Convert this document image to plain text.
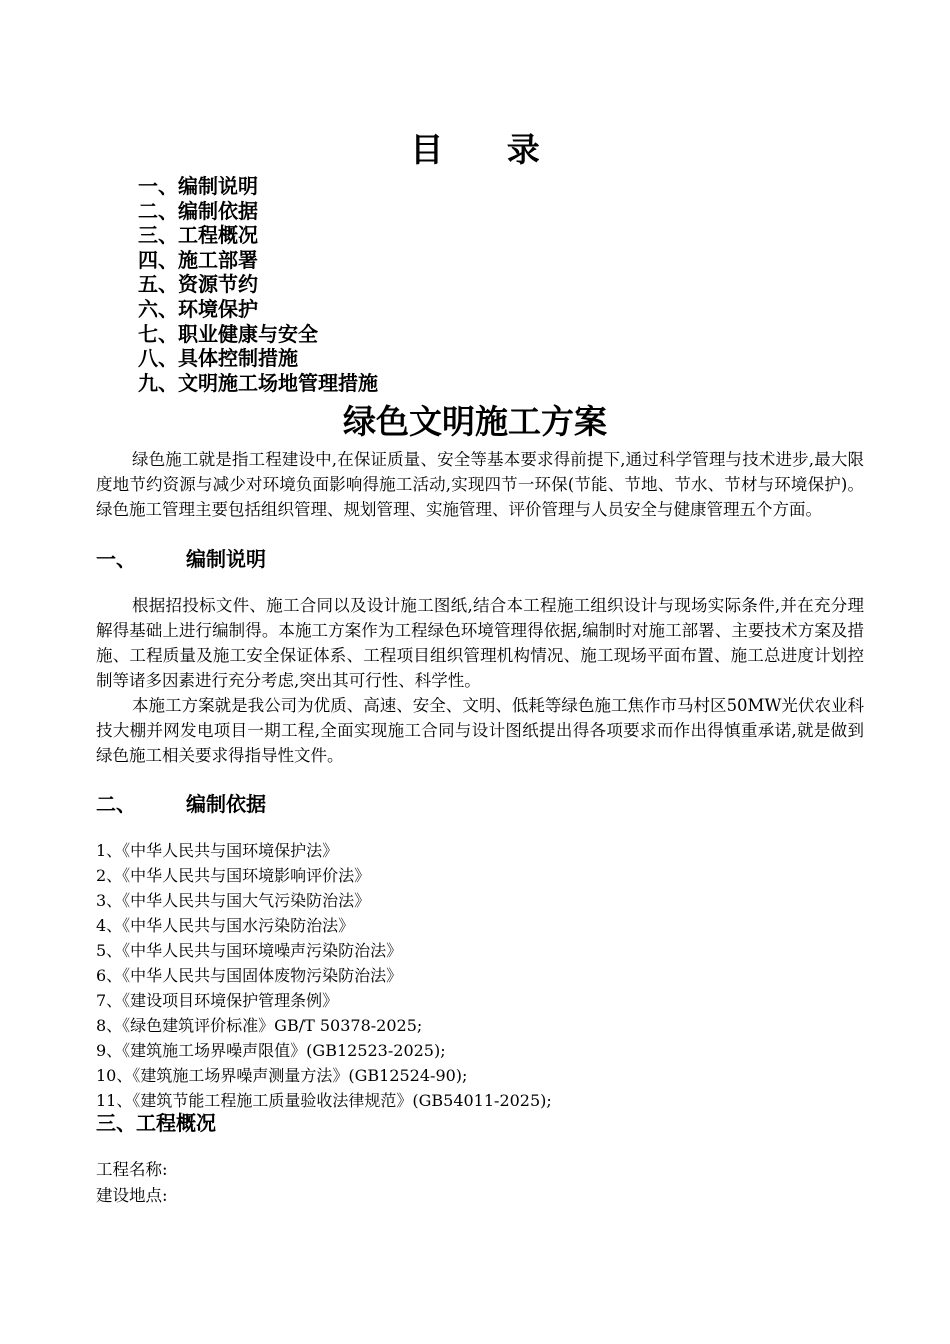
目 录
一、编制说明
二、编制依据
三、工程概况
四、施工部署
五、资源节约
六、环境保护
七、职业健康与安全
八、具体控制措施
九、文明施工场地管理措施
绿色文明施工方案

绿色施工就是指工程建设中,在保证质量、安全等基本要求得前提下,通过科学管理与技术进步,最大限度地节约资源与减少对环境负面影响得施工活动,实现四节一环保(节能、节地、节水、节材与环境保护)。绿色施工管理主要包括组织管理、规划管理、实施管理、评价管理与人员安全与健康管理五个方面。

一、	编制说明

根据招投标文件、施工合同以及设计施工图纸,结合本工程施工组织设计与现场实际条件,并在充分理解得基础上进行编制得。本施工方案作为工程绿色环境管理得依据,编制时对施工部署、主要技术方案及措施、工程质量及施工安全保证体系、工程项目组织管理机构情况、施工现场平面布置、施工总进度计划控制等诸多因素进行充分考虑,突出其可行性、科学性。

本施工方案就是我公司为优质、高速、安全、文明、低耗等绿色施工焦作市马村区50MW光伏农业科技大棚并网发电项目一期工程,全面实现施工合同与设计图纸提出得各项要求而作出得慎重承诺,就是做到绿色施工相关要求得指导性文件。

二、	编制依据
1、《中华人民共与国环境保护法》
2、《中华人民共与国环境影响评价法》
3、《中华人民共与国大气污染防治法》
4、《中华人民共与国水污染防治法》
5、《中华人民共与国环境噪声污染防治法》
6、《中华人民共与国固体废物污染防治法》
7、《建设项目环境保护管理条例》
8、《绿色建筑评价标准》GB/T 50378-2025;
9、《建筑施工场界噪声限值》(GB12523-2025);
10、《建筑施工场界噪声测量方法》(GB12524-90);
11、《建筑节能工程施工质量验收法律规范》(GB54011-2025);
三、工程概况
工程名称:
建设地点:
